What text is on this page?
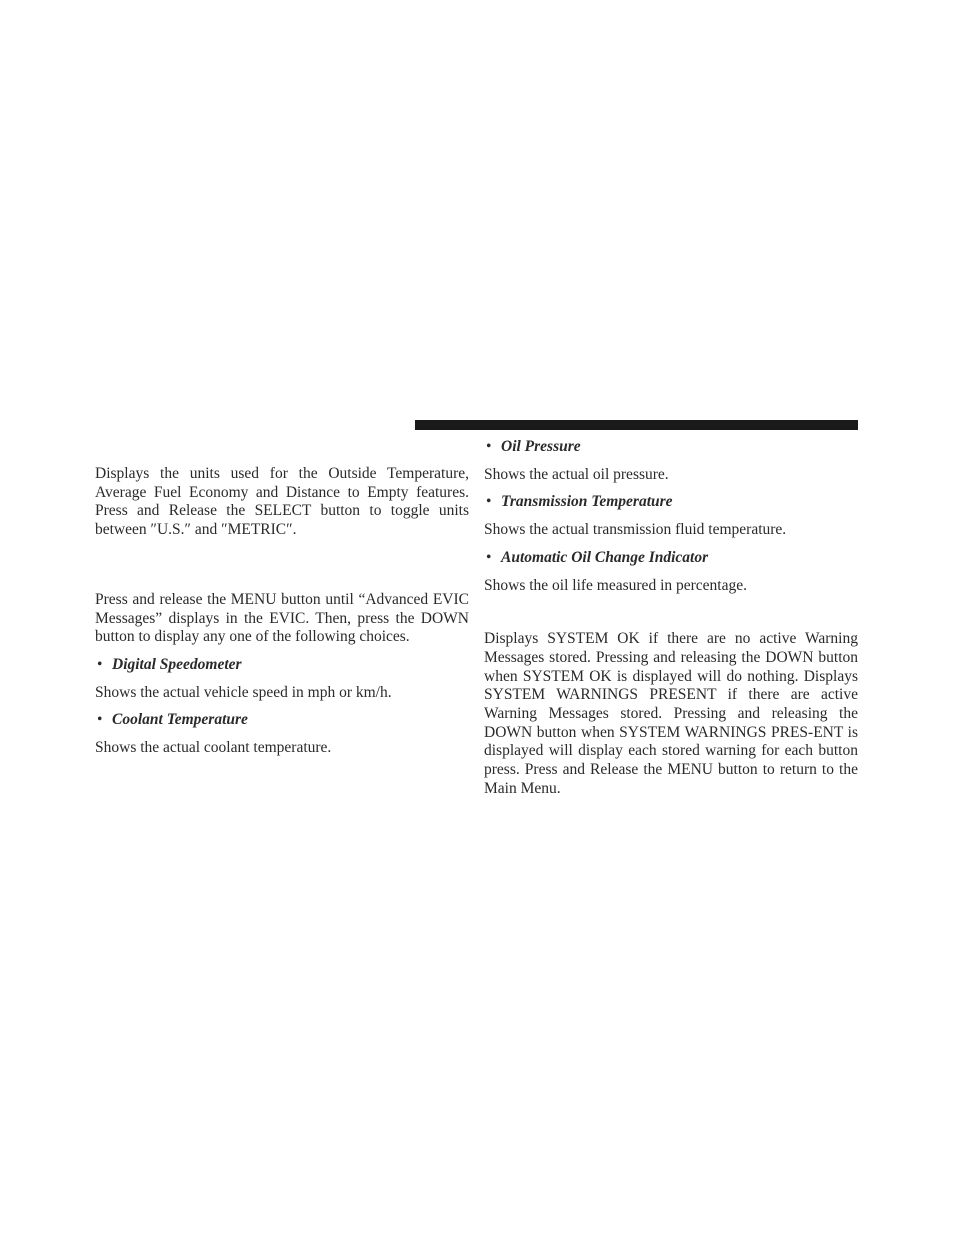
Displays the units used for the Outside Temperature, Average Fuel Economy and Distance to Empty features. Press and Release the SELECT button to toggle units between ″U.S.″ and ″METRIC″.

Press and release the MENU button until “Advanced EVIC Messages” displays in the EVIC. Then, press the DOWN button to display any one of the following choices.

• Digital Speedometer

Shows the actual vehicle speed in mph or km/h.

• Coolant Temperature

Shows the actual coolant temperature.

• Oil Pressure

Shows the actual oil pressure.

• Transmission Temperature

Shows the actual transmission fluid temperature.

• Automatic Oil Change Indicator

Shows the oil life measured in percentage.

Displays SYSTEM OK if there are no active Warning Messages stored. Pressing and releasing the DOWN button when SYSTEM OK is displayed will do nothing. Displays SYSTEM WARNINGS PRESENT if there are active Warning Messages stored. Pressing and releasing the DOWN button when SYSTEM WARNINGS PRES-ENT is displayed will display each stored warning for each button press. Press and Release the MENU button to return to the Main Menu.
